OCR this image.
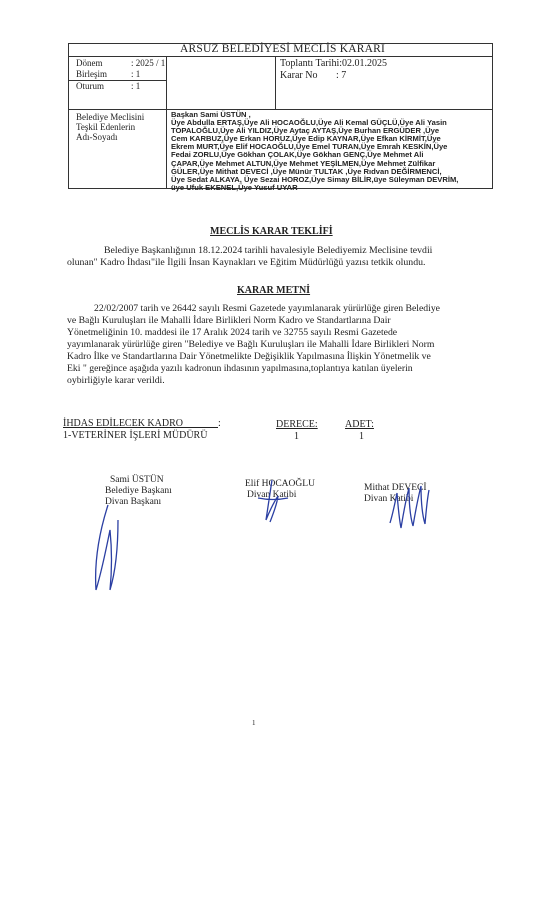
ARSUZ BELEDİYESİ MECLİS KARARI
Dönem	: 2025 / 1
Birleşim	: 1
Oturum	: 1
Toplantı Tarihi:02.01.2025
Karar No : 7
Belediye Meclisini
Teşkil Edenlerin
Adı-Soyadı
Başkan Sami ÜSTÜN ,
Üye Abdulla ERTAŞ,Üye Ali HOCAOĞLU,Üye Ali Kemal GÜÇLÜ,Üye Ali Yasin
TOPALOĞLU,Üye Ali YILDIZ,Üye Aytaç AYTAŞ,Üye Burhan ERGÜDER ,Üye
Cem KARBUZ,Üye Erkan HORUZ,Üye Edip KAYNAR,Üye Efkan KİRMİT,Üye
Ekrem MURT,Üye Elif HOCAOĞLU,Üye Emel TURAN,Üye Emrah KESKİN,Üye
Fedai ZORLU,Üye Gökhan ÇOLAK,Üye Gökhan GENÇ,Üye Mehmet Ali
ÇAPAR,Üye Mehmet ALTUN,Üye Mehmet YEŞİLMEN,Üye Mehmet Zülfikar
GÜLER,Üye Mithat DEVECİ ,Üye Münür TULTAK ,Üye Rıdvan DEĞİRMENCİ,
Üye Sedat ALKAYA, Üye Sezai HOROZ,Üye Simay BİLİR,üye Süleyman DEVRİM,
üye Ufuk EKENEL,Üye Yusuf UYAR
MECLİS KARAR TEKLİFİ
Belediye Başkanlığının 18.12.2024 tarihli havalesiyle Belediyemiz Meclisine tevdii
olunan" Kadro İhdası"ile İlgili İnsan Kaynakları ve Eğitim Müdürlüğü yazısı tetkik olundu.
KARAR METNİ
22/02/2007 tarih ve 26442 sayılı Resmi Gazetede yayımlanarak yürürlüğe giren Belediye
ve Bağlı Kuruluşları ile Mahalli İdare Birlikleri Norm Kadro ve Standartlarına Dair
Yönetmeliğinin 10. maddesi ile 17 Aralık 2024 tarih ve 32755 sayılı Resmi Gazetede
yayımlanarak yürürlüğe giren "Belediye ve Bağlı Kuruluşları ile Mahalli İdare Birlikleri Norm
Kadro İlke ve Standartlarına Dair Yönetmelikte Değişiklik Yapılmasına İlişkin Yönetmelik ve
Eki " gereğince aşağıda yazılı kadronun ihdasının yapılmasına,toplantıya katılan üyelerin
oybirliğiyle karar verildi.
İHDAS EDİLECEK KADRO	:	DERECE:	ADET:
1-VETERİNER İŞLERİ MÜDÜRÜ	1	1
Sami ÜSTÜN
Belediye Başkanı
Divan Başkanı
Elif HOCAOĞLU
Divan Katibi
Mithat DEVECİ
Divan Katibi
1
